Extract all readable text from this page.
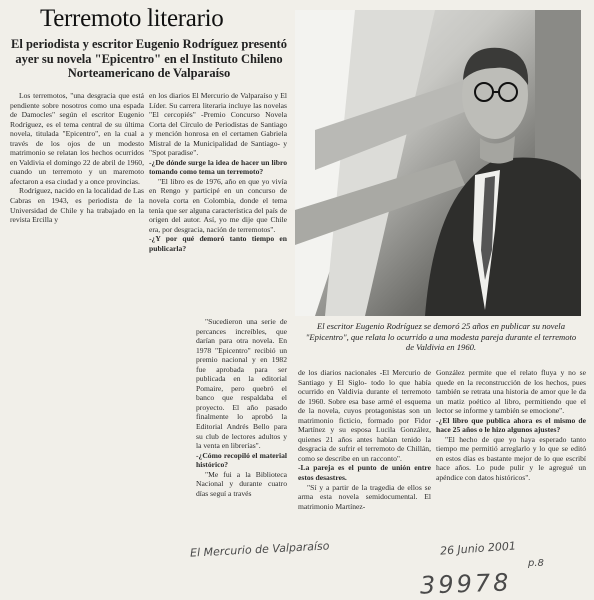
Terremoto literario
El periodista y escritor Eugenio Rodríguez presentó ayer su novela "Epicentro" en el Instituto Chileno Norteamericano de Valparaíso

Los terremotos, "una desgracia que está pendiente sobre nosotros como una espada de Damocles" según el escritor Eugenio Rodríguez, es el tema central de su última novela, titulada "Epicentro", en la cual a través de los ojos de un modesto matrimonio se relatan los hechos ocurridos en Valdivia el domingo 22 de abril de 1960, cuando un terremoto y un maremoto afectaron a esa ciudad y a once provincias.

Rodríguez, nacido en la localidad de Las Cabras en 1943, es periodista de la Universidad de Chile y ha trabajado en la revista Ercilla y

en los diarios El Mercurio de Valparaíso y El Líder. Su carrera literaria incluye las novelas "El cercopiés" -Premio Concurso Novela Corta del Círculo de Periodistas de Santiago y mención honrosa en el certamen Gabriela Mistral de la Municipalidad de Santiago- y "Spot paradise".

-¿De dónde surge la idea de hacer un libro tomando como tema un terremoto?

"El libro es de 1976, año en que yo vivía en Rengo y participé en un concurso de novela corta en Colombia, donde el tema tenía que ser alguna característica del país de origen del autor. Así, yo me dije que Chile era, por desgracia, nación de terremotos".

-¿Y por qué demoró tanto tiempo en publicarla?

"Sucedieron una serie de percances increíbles, que darían para otra novela. En 1978 "Epicentro" recibió un premio nacional y en 1982 fue aprobada para ser publicada en la editorial Pomaire, pero quebró el banco que respaldaba el proyecto. El año pasado finalmente lo aprobó la Editorial Andrés Bello para su club de lectores adultos y la venta en librerías".

-¿Cómo recopiló el material histórico?

"Me fui a la Biblioteca Nacional y durante cuatro días seguí a través

El escritor Eugenio Rodríguez se demoró 25 años en publicar su novela "Epicentro", que relata lo ocurrido a una modesta pareja durante el terremoto de Valdivia en 1960.

de los diarios nacionales -El Mercurio de Santiago y El Siglo- todo lo que había ocurrido en Valdivia durante el terremoto de 1960. Sobre esa base armé el esquema de la novela, cuyos protagonistas son un matrimonio ficticio, formado por Fidor Martínez y su esposa Lucila González, quienes 21 años antes habían tenido la desgracia de sufrir el terremoto de Chillán, como se describe en un racconto".

-La pareja es el punto de unión entre estos desastres.

"Sí y a partir de la tragedia de ellos se arma esta novela semidocumental. El matrimonio Martínez-

González permite que el relato fluya y no se quede en la reconstrucción de los hechos, pues también se retrata una historia de amor que le da un matiz poético al libro, permitiendo que el lector se informe y también se emocione".

-¿El libro que publica ahora es el mismo de hace 25 años o le hizo algunos ajustes?

"El hecho de que yo haya esperado tanto tiempo me permitió arreglarlo y lo que se editó en estos días es bastante mejor de lo que escribí hace años. Lo pude pulir y le agregué un apéndice con datos históricos".

El Mercurio de Valparaíso	26 Junio 2001
p.8
39978
